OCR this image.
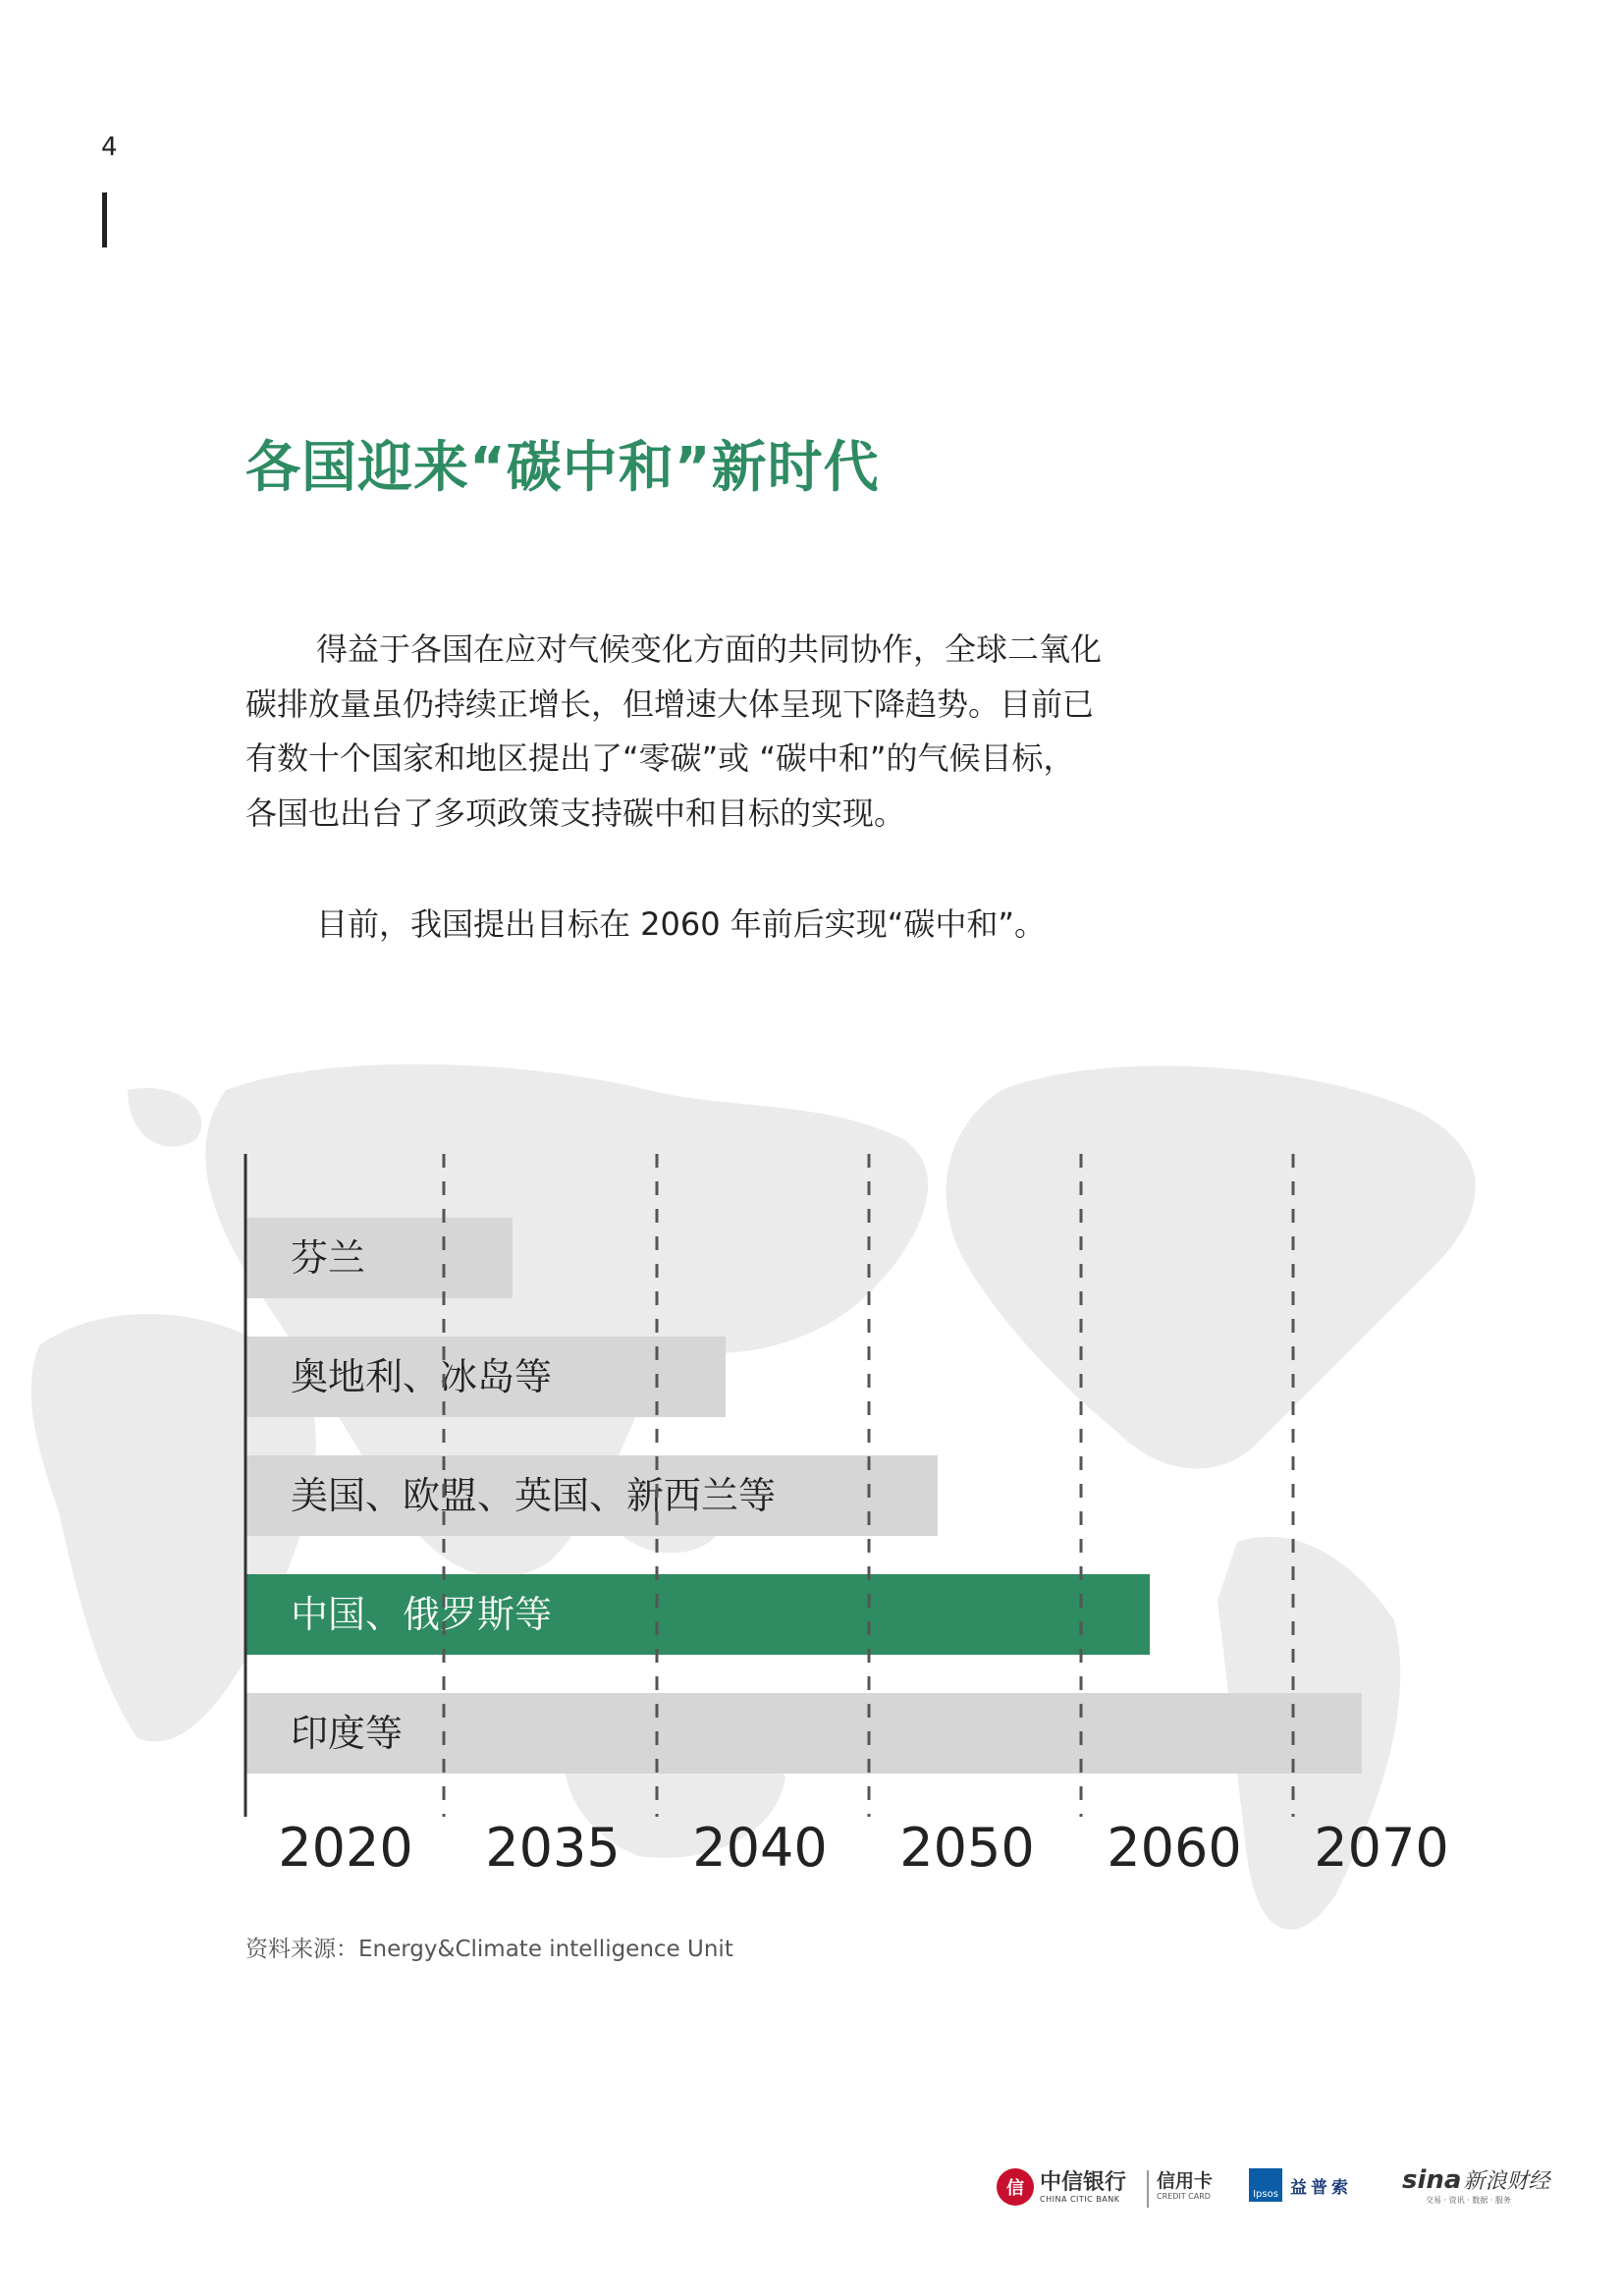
4
各国迎来“碳中和”新时代

得益于各国在应对气候变化方面的共同协作，全球二氧化

碳排放量虽仍持续正增长，但增速大体呈现下降趋势。目前已

有数十个国家和地区提出了“零碳”或 “碳中和”的气候目标，

各国也出台了多项政策支持碳中和目标的实现。

目前，我国提出目标在 2060 年前后实现“碳中和”。

芬兰
奥地利、冰岛等
美国、欧盟、英国、新西兰等
中国、俄罗斯等
印度等
2020 2035 2040 2050 2060 2070
资料来源：Energy&Climate intelligence Unit
信 中信银行
CHINA CITIC BANK
信用卡
CREDIT CARD	Ipsos 益普索 sina 新浪财经
交易 · 资讯 · 数据 · 服务
